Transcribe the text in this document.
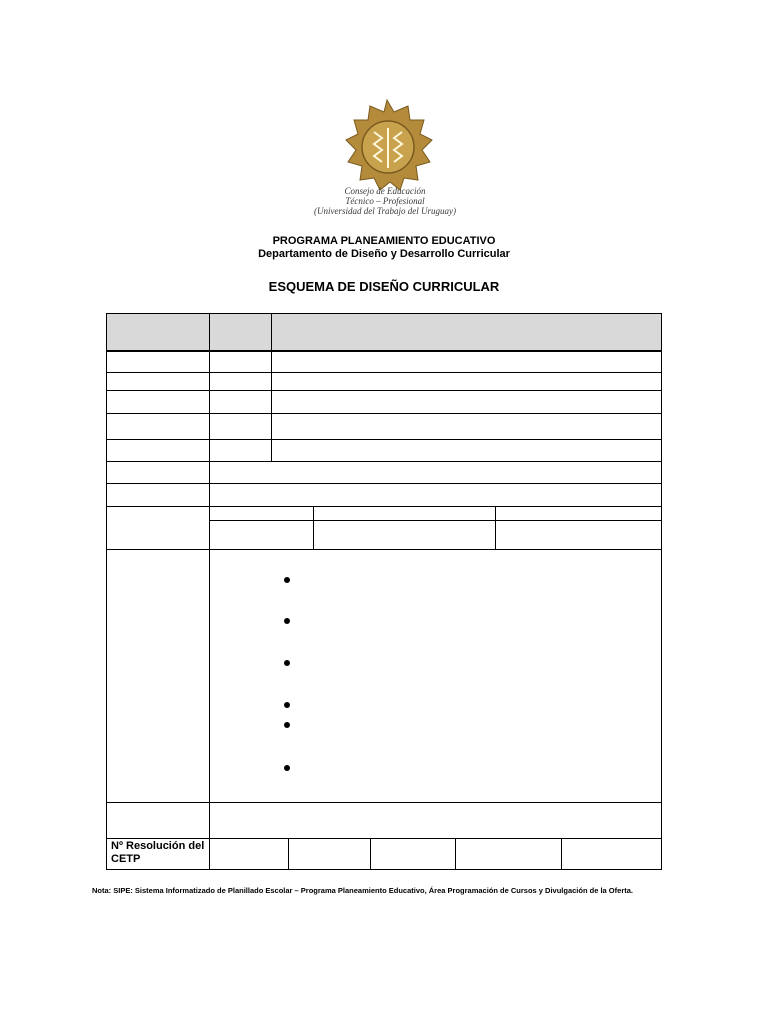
Consejo de Educación
Técnico – Profesional
(Universidad del Trabajo del Uruguay)
PROGRAMA PLANEAMIENTO EDUCATIVO
Departamento de Diseño y Desarrollo Curricular
ESQUEMA DE DISEÑO CURRICULAR
Nº Resolución del CETP
Nota: SIPE: Sistema Informatizado de Planillado Escolar – Programa Planeamiento Educativo, Área Programación de Cursos y Divulgación de la Oferta.
